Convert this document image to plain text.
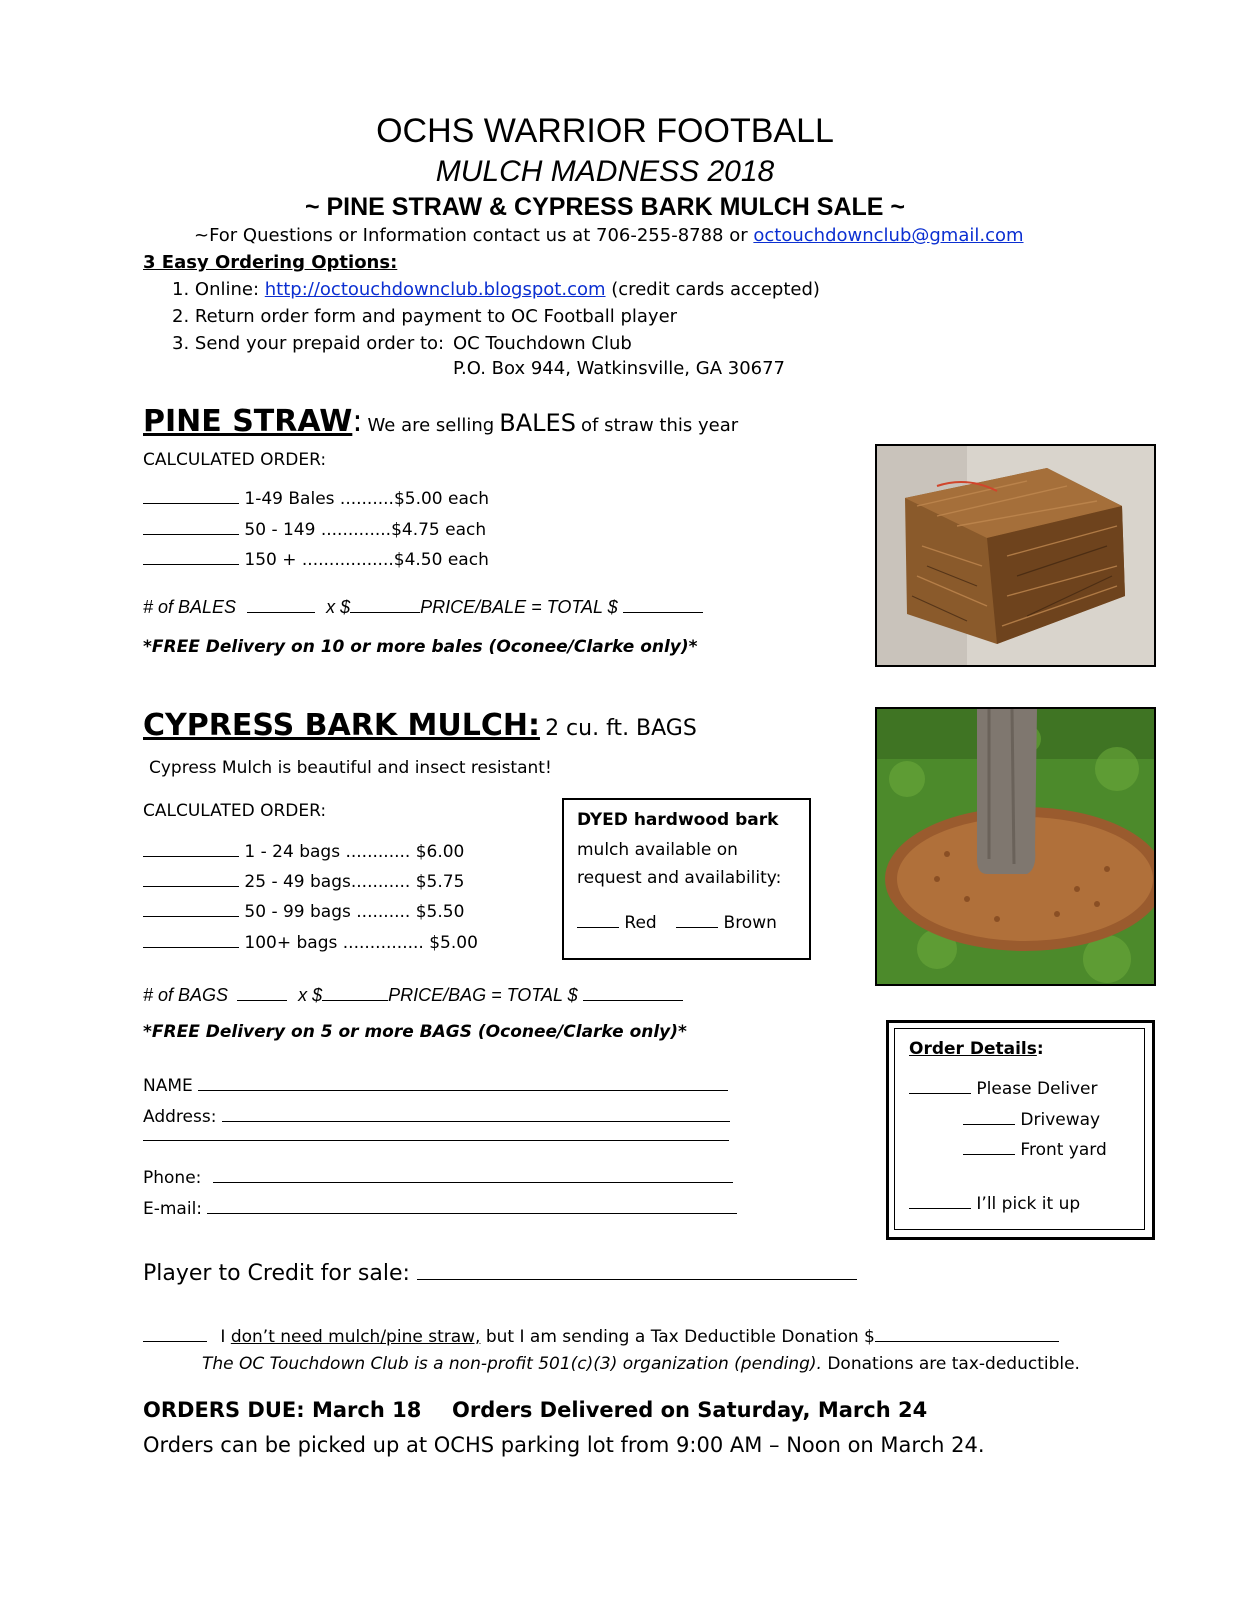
OCHS WARRIOR FOOTBALL
MULCH MADNESS 2018
~ PINE STRAW & CYPRESS BARK MULCH SALE ~
~For Questions or Information contact us at 706-255-8788 or octouchdownclub@gmail.com
3 Easy Ordering Options:
1. Online: http://octouchdownclub.blogspot.com (credit cards accepted)
2. Return order form and payment to OC Football player
3. Send your prepaid order to: OC Touchdown Club
P.O. Box 944, Watkinsville, GA 30677
PINE STRAW: We are selling BALES of straw this year
CALCULATED ORDER:
1-49 Bales ..........$5.00 each
50 - 149 .............$4.75 each
150 + .................$4.50 each
# of BALES	x $	PRICE/BALE = TOTAL $
*FREE Delivery on 10 or more bales (Oconee/Clarke only)*
CYPRESS BARK MULCH: 2 cu. ft. BAGS
Cypress Mulch is beautiful and insect resistant!
CALCULATED ORDER:
1 - 24 bags ............ $6.00
25 - 49 bags........... $5.75
50 - 99 bags .......... $5.50
100+ bags ............... $5.00
DYED hardwood bark
mulch available on
request and availability:
Red	Brown
# of BAGS	x $	PRICE/BAG = TOTAL $
*FREE Delivery on 5 or more BAGS (Oconee/Clarke only)*
NAME
Address:
Phone:
E-mail:
Order Details:
Please Deliver
Driveway
Front yard
I’ll pick it up
Player to Credit for sale:
I don’t need mulch/pine straw, but I am sending a Tax Deductible Donation $
The OC Touchdown Club is a non-profit 501(c)(3) organization (pending). Donations are tax-deductible.
ORDERS DUE: March 18 Orders Delivered on Saturday, March 24
Orders can be picked up at OCHS parking lot from 9:00 AM – Noon on March 24.
